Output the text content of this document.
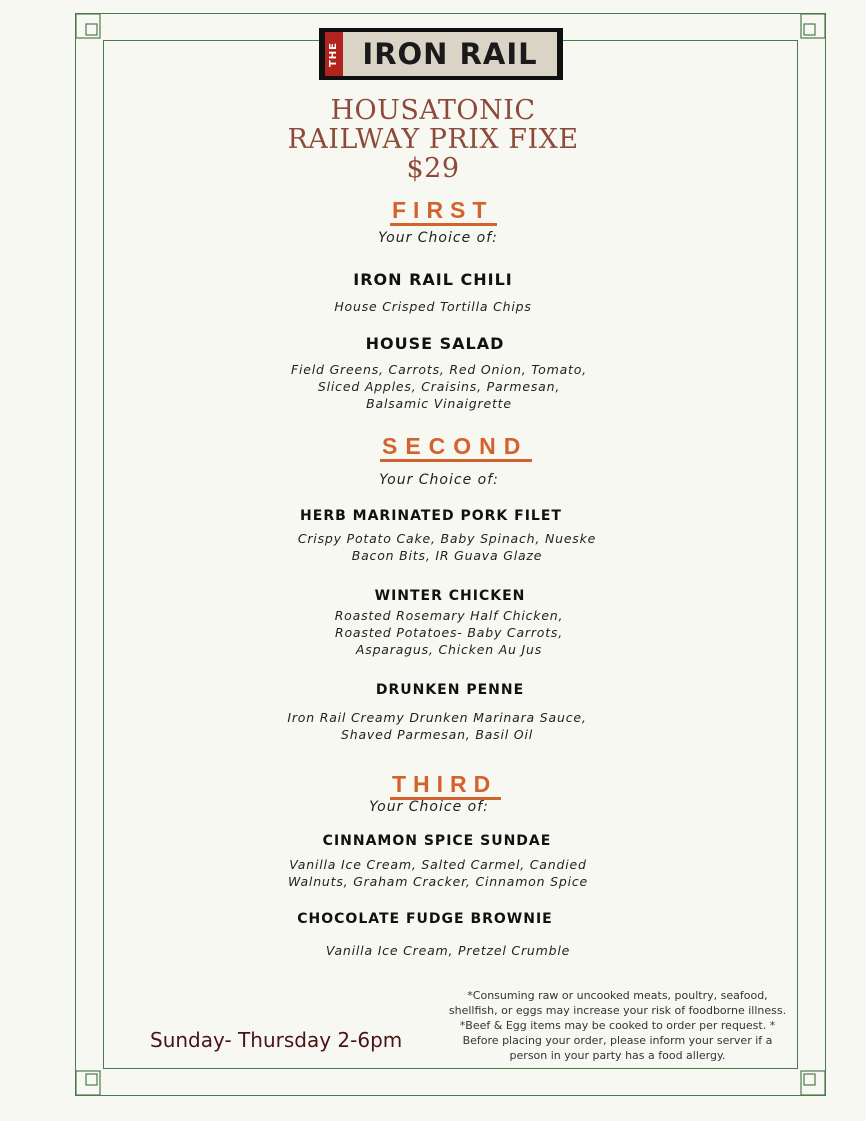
THE IRON RAIL
HOUSATONIC
RAILWAY PRIX FIXE
$29
FIRST
Your Choice of:
IRON RAIL CHILI
House Crisped Tortilla Chips
HOUSE SALAD
Field Greens, Carrots, Red Onion, Tomato,
Sliced Apples, Craisins, Parmesan,
Balsamic Vinaigrette
SECOND
Your Choice of:
HERB MARINATED PORK FILET
Crispy Potato Cake, Baby Spinach, Nueske
Bacon Bits, IR Guava Glaze
WINTER CHICKEN
Roasted Rosemary Half Chicken,
Roasted Potatoes- Baby Carrots,
Asparagus, Chicken Au Jus
DRUNKEN PENNE
Iron Rail Creamy Drunken Marinara Sauce,
Shaved Parmesan, Basil Oil
THIRD
Your Choice of:
CINNAMON SPICE SUNDAE
Vanilla Ice Cream, Salted Carmel, Candied
Walnuts, Graham Cracker, Cinnamon Spice
CHOCOLATE FUDGE BROWNIE
Vanilla Ice Cream, Pretzel Crumble
Sunday- Thursday 2-6pm
*Consuming raw or uncooked meats, poultry, seafood,
shellfish, or eggs may increase your risk of foodborne illness.
*Beef & Egg items may be cooked to order per request. *
Before placing your order, please inform your server if a
person in your party has a food allergy.
